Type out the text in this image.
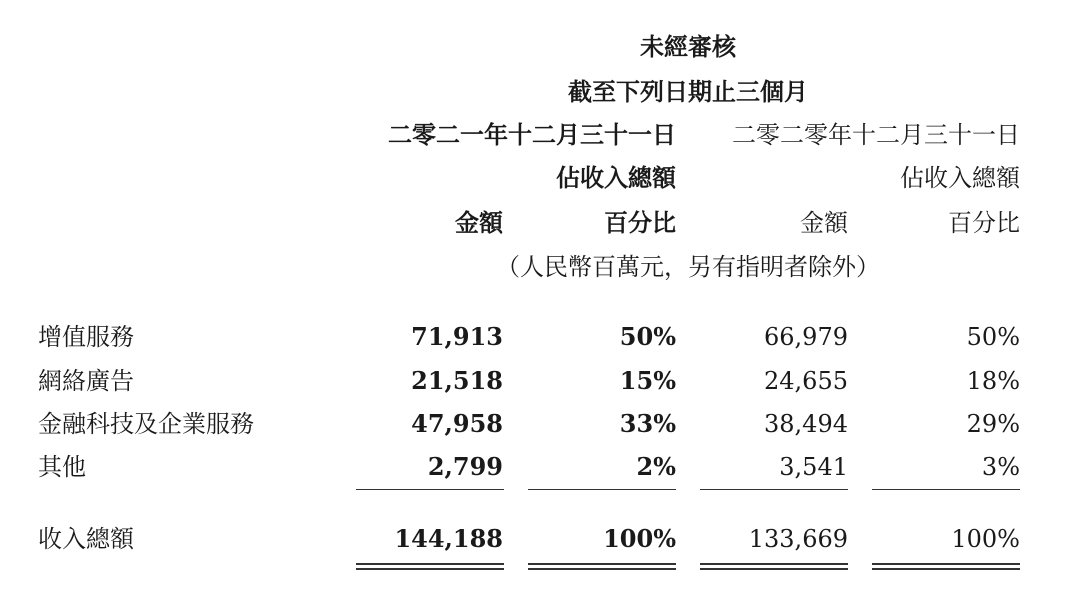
未經審核
截至下列日期止三個月
二零二一年十二月三十一日 二零二零年十二月三十一日
佔收入總額	佔收入總額
金額	百分比	金額	百分比
（人民幣百萬元，另有指明者除外）
增值服務	71,913	50%	66,979	50%
網絡廣告	21,518	15%	24,655	18%
金融科技及企業服務	47,958	33%	38,494	29%
其他	2,799	2%	3,541	3%
收入總額	144,188	100%	133,669	100%
